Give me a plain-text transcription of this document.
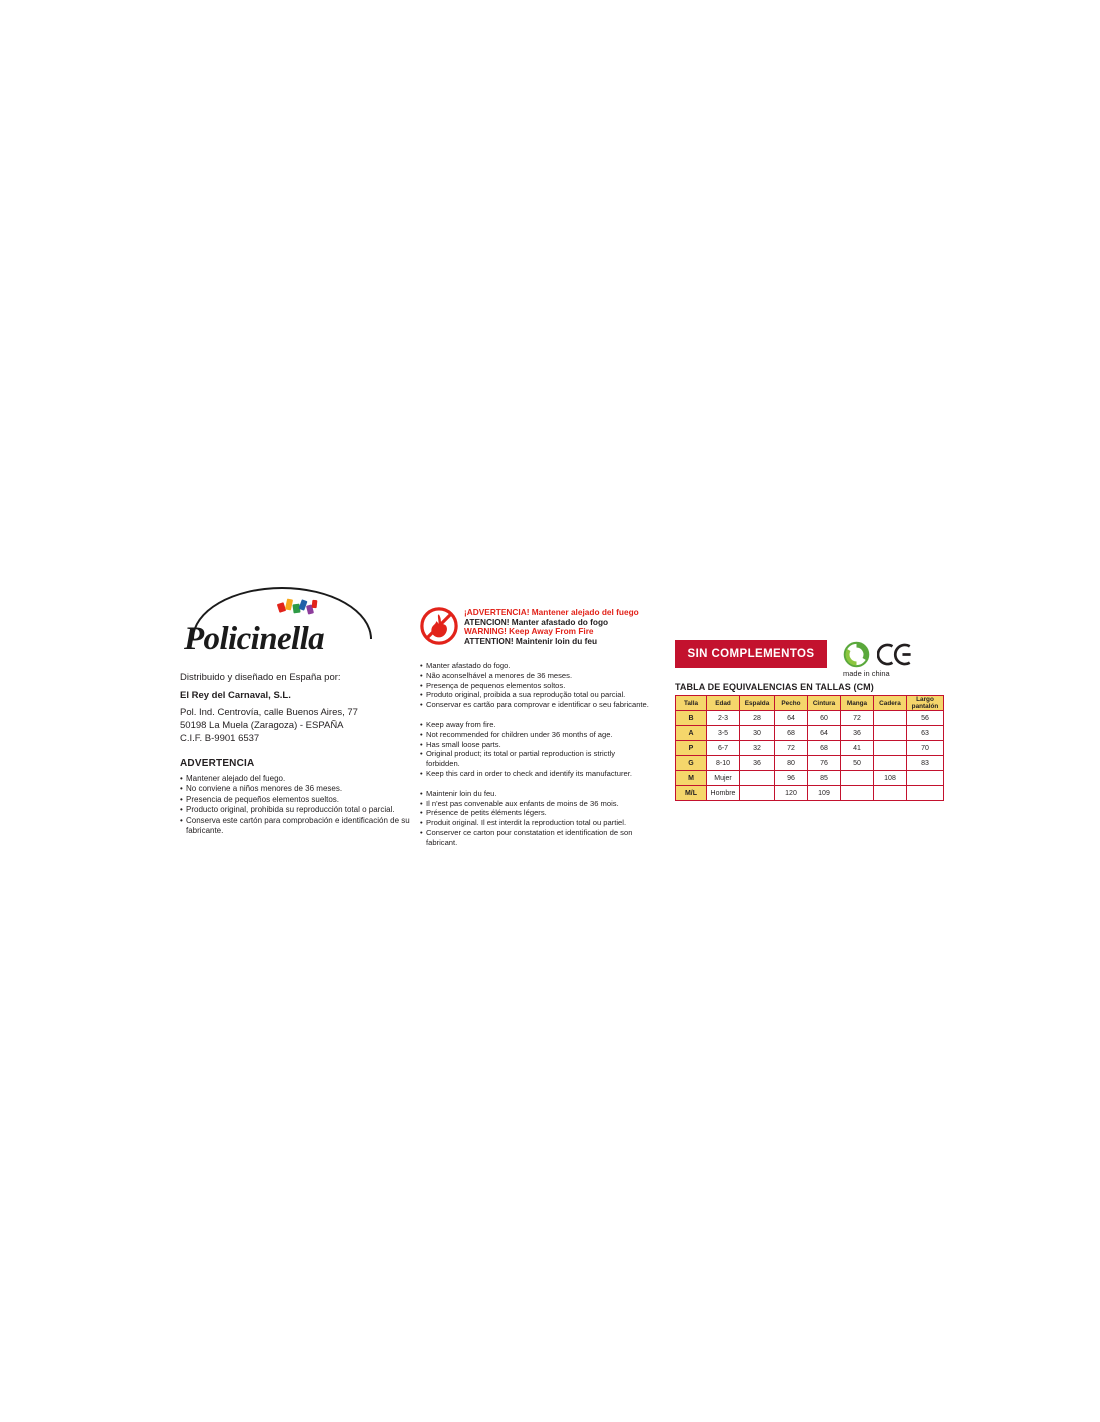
Policinella
Distribuido y diseñado en España por:
El Rey del Carnaval, S.L.
Pol. Ind. Centrovía, calle Buenos Aires, 77
50198 La Muela (Zaragoza) - ESPAÑA
C.I.F. B-9901 6537
ADVERTENCIA
• Mantener alejado del fuego.
• No conviene a niños menores de 36 meses.
• Presencia de pequeños elementos sueltos.
• Producto original, prohibida su reproducción total o parcial.
• Conserva este cartón para comprobación e identificación de su fabricante.
¡ADVERTENCIA! Mantener alejado del fuego
ATENCION! Manter afastado do fogo
WARNING! Keep Away From Fire
ATTENTION! Maintenir loin du feu
• Manter afastado do fogo.
• Não aconselhável a menores de 36 meses.
• Presença de pequenos elementos soltos.
• Produto original, proibida a sua reprodução total ou parcial.
• Conservar es cartão para comprovar e identificar o seu fabricante.
• Keep away from fire.
• Not recommended for children under 36 months of age.
• Has small loose parts.
• Original product; its total or partial reproduction is strictly forbidden.
• Keep this card in order to check and identify its manufacturer.
• Maintenir loin du feu.
• Il n'est pas convenable aux enfants de moins de 36 mois.
• Présence de petits éléments légers.
• Produit original. Il est interdit la reproduction total ou partiel.
• Conserver ce carton pour constatation et identification de son fabricant.
SIN COMPLEMENTOS
made in china
TABLA DE EQUIVALENCIAS EN TALLAS (CM)
Talla	Edad	Espalda	Pecho	Cintura	Manga	Cadera	Largo pantalón
B	2-3	28	64	60	72		56
A	3-5	30	68	64	36		63
P	6-7	32	72	68	41		70
G	8-10	36	80	76	50		83
M	Mujer		96	85		108	
M/L	Hombre		120	109			
